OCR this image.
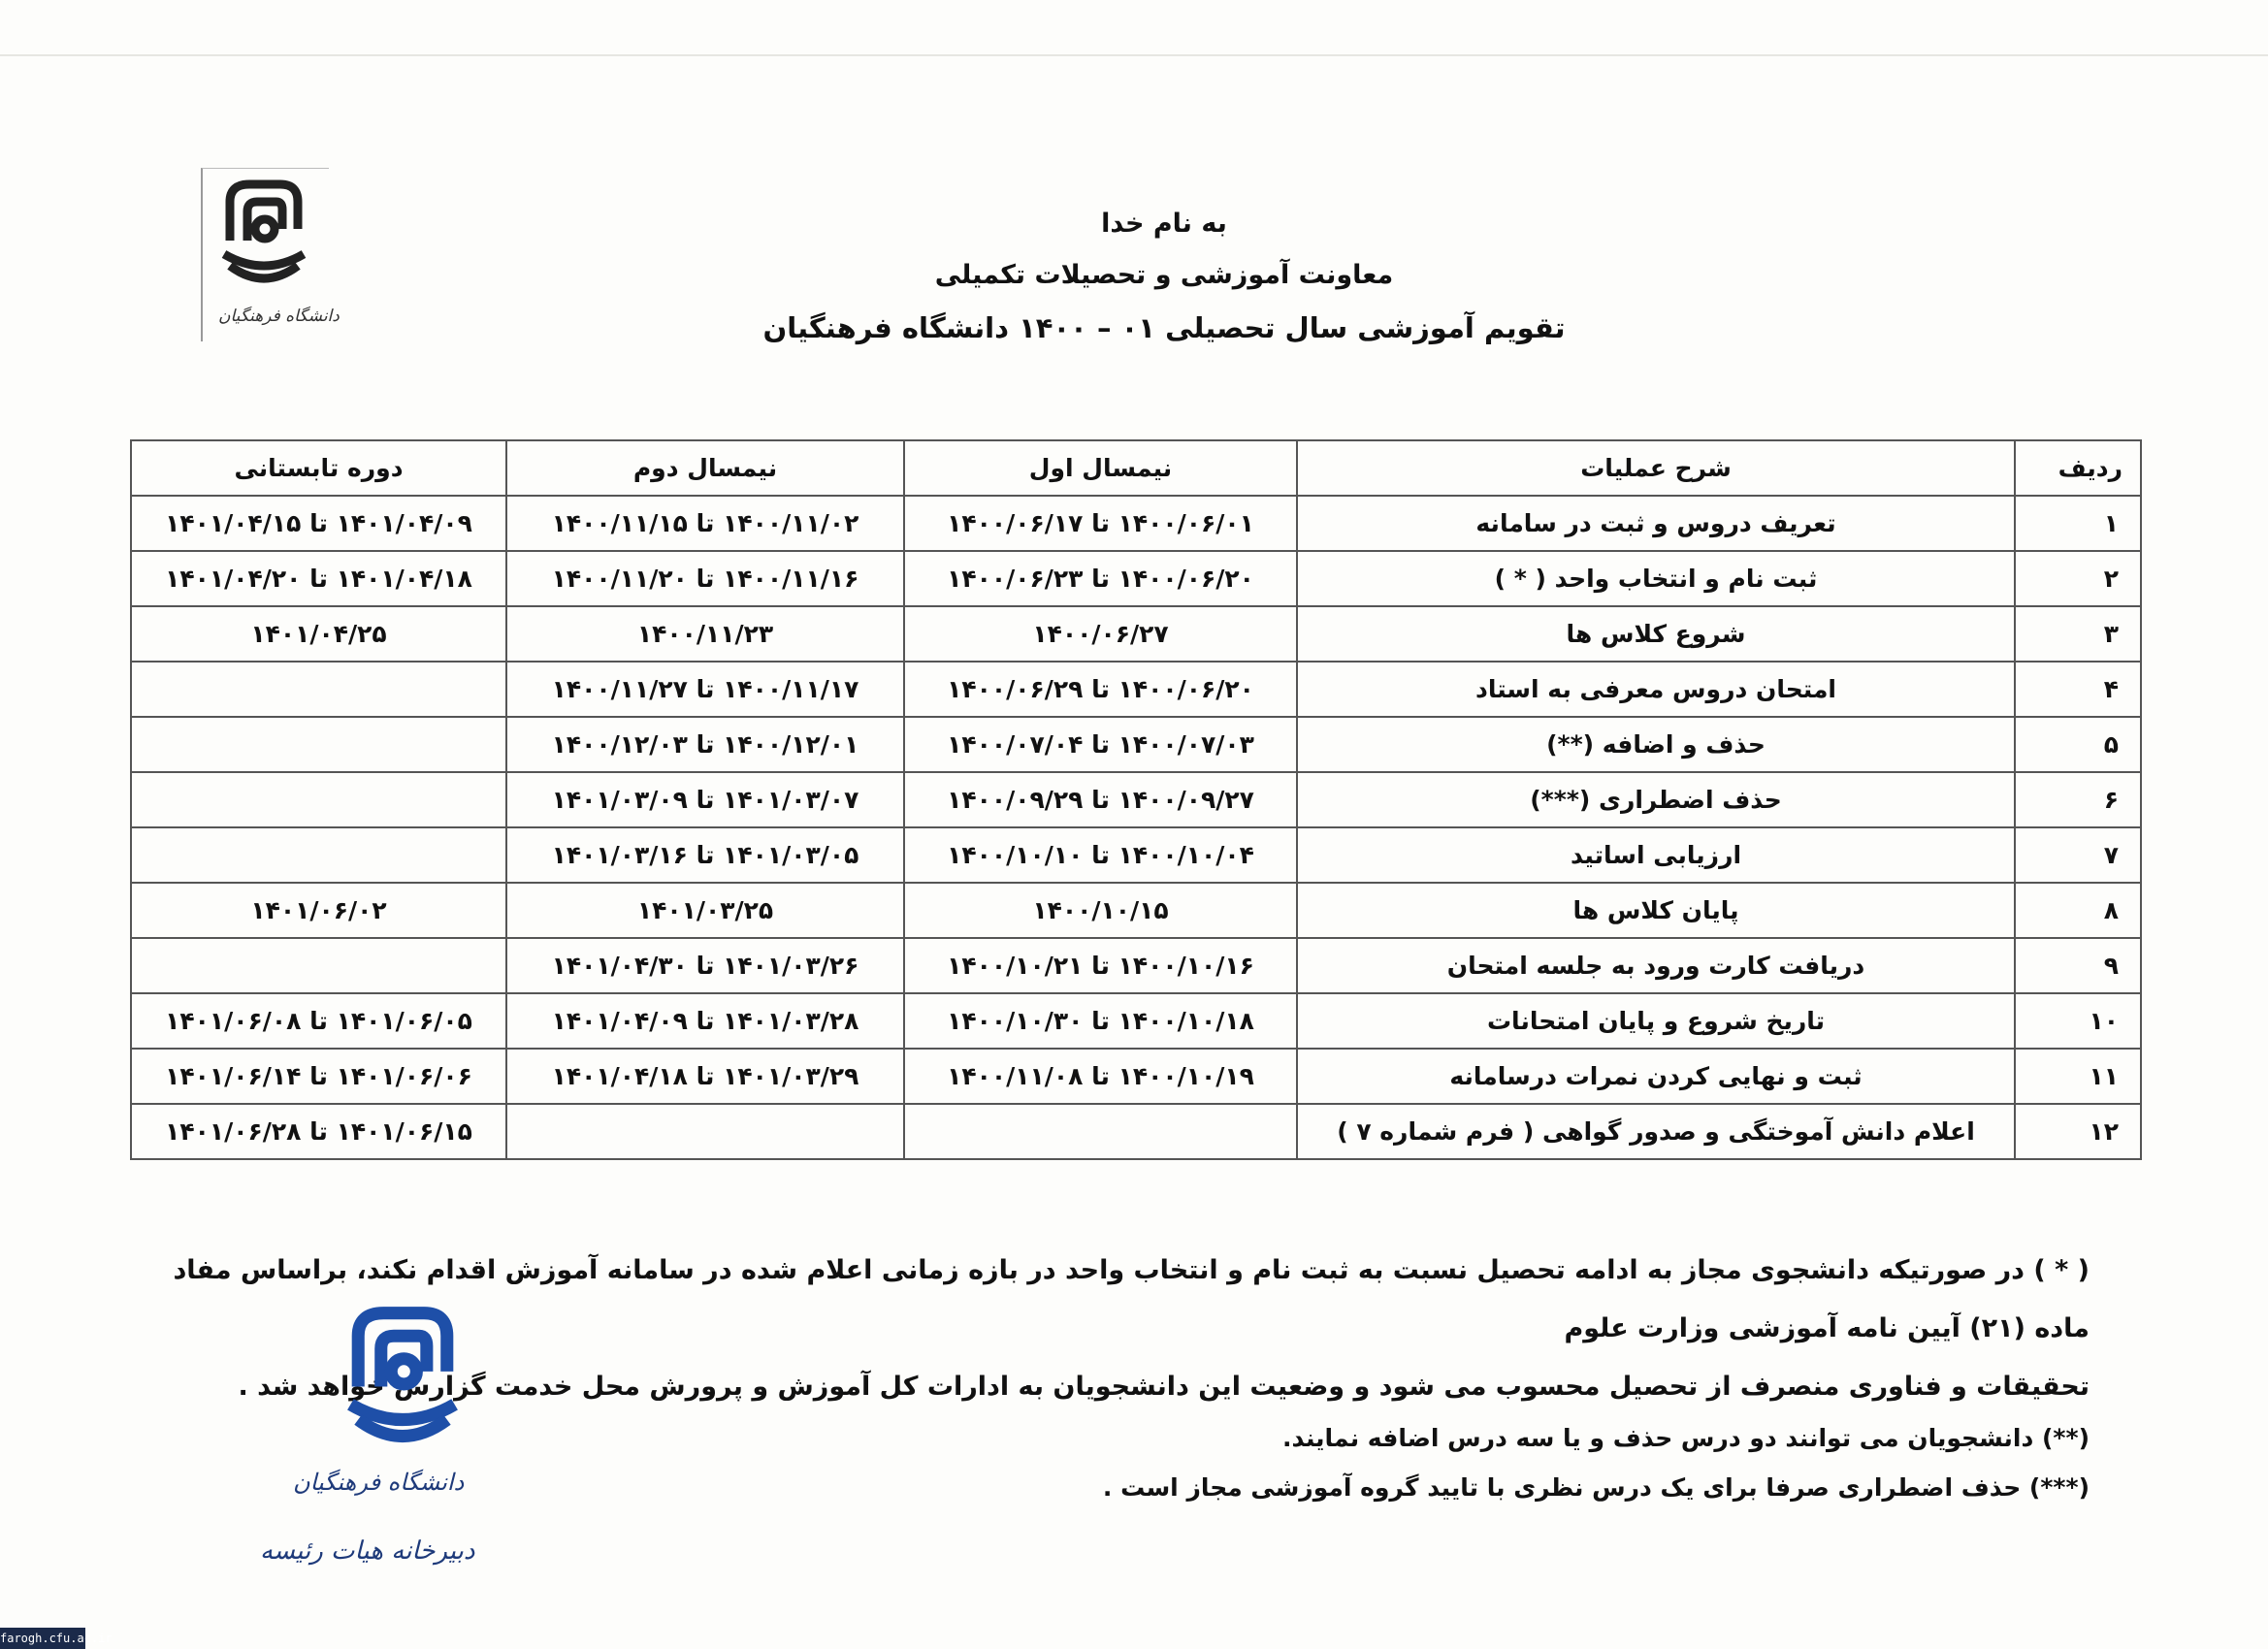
دانشگاه فرهنگیان
به نام خدا
معاونت آموزشی و تحصیلات تکمیلی
تقویم آموزشی سال تحصیلی ۰۱ – ۱۴۰۰ دانشگاه فرهنگیان
ردیف	شرح عملیات	نیمسال اول	نیمسال دوم	دوره تابستانی
۱	تعریف دروس و ثبت در سامانه	۱۴۰۰/۰۶/۰۱ تا ۱۴۰۰/۰۶/۱۷	۱۴۰۰/۱۱/۰۲ تا ۱۴۰۰/۱۱/۱۵	۱۴۰۱/۰۴/۰۹ تا ۱۴۰۱/۰۴/۱۵
۲	ثبت نام و انتخاب واحد ( * )	۱۴۰۰/۰۶/۲۰ تا ۱۴۰۰/۰۶/۲۳	۱۴۰۰/۱۱/۱۶ تا ۱۴۰۰/۱۱/۲۰	۱۴۰۱/۰۴/۱۸ تا ۱۴۰۱/۰۴/۲۰
۳	شروع کلاس ها	۱۴۰۰/۰۶/۲۷	۱۴۰۰/۱۱/۲۳	۱۴۰۱/۰۴/۲۵
۴	امتحان دروس معرفی به استاد	۱۴۰۰/۰۶/۲۰ تا ۱۴۰۰/۰۶/۲۹	۱۴۰۰/۱۱/۱۷ تا ۱۴۰۰/۱۱/۲۷	
۵	حذف و اضافه (**)	۱۴۰۰/۰۷/۰۳ تا ۱۴۰۰/۰۷/۰۴	۱۴۰۰/۱۲/۰۱ تا ۱۴۰۰/۱۲/۰۳	
۶	حذف اضطراری (***)	۱۴۰۰/۰۹/۲۷ تا ۱۴۰۰/۰۹/۲۹	۱۴۰۱/۰۳/۰۷ تا ۱۴۰۱/۰۳/۰۹	
۷	ارزیابی اساتید	۱۴۰۰/۱۰/۰۴ تا ۱۴۰۰/۱۰/۱۰	۱۴۰۱/۰۳/۰۵ تا ۱۴۰۱/۰۳/۱۶	
۸	پایان کلاس ها	۱۴۰۰/۱۰/۱۵	۱۴۰۱/۰۳/۲۵	۱۴۰۱/۰۶/۰۲
۹	دریافت کارت ورود به جلسه امتحان	۱۴۰۰/۱۰/۱۶ تا ۱۴۰۰/۱۰/۲۱	۱۴۰۱/۰۳/۲۶ تا ۱۴۰۱/۰۴/۳۰	
۱۰	تاریخ شروع و پایان امتحانات	۱۴۰۰/۱۰/۱۸ تا ۱۴۰۰/۱۰/۳۰	۱۴۰۱/۰۳/۲۸ تا ۱۴۰۱/۰۴/۰۹	۱۴۰۱/۰۶/۰۵ تا ۱۴۰۱/۰۶/۰۸
۱۱	ثبت و نهایی کردن نمرات درسامانه	۱۴۰۰/۱۰/۱۹ تا ۱۴۰۰/۱۱/۰۸	۱۴۰۱/۰۳/۲۹ تا ۱۴۰۱/۰۴/۱۸	۱۴۰۱/۰۶/۰۶ تا ۱۴۰۱/۰۶/۱۴
۱۲	اعلام دانش آموختگی و صدور گواهی ( فرم شماره ۷ )			۱۴۰۱/۰۶/۱۵ تا ۱۴۰۱/۰۶/۲۸

( * ) در صورتیکه دانشجوی مجاز به ادامه تحصیل نسبت به ثبت نام و انتخاب واحد در بازه زمانی اعلام شده در سامانه آموزش اقدام نکند، براساس مفاد ماده (۲۱) آیین نامه آموزشی وزارت علوم

تحقیقات و فناوری منصرف از تحصیل محسوب می شود و وضعیت این دانشجویان به ادارات کل آموزش و پرورش محل خدمت گزارش خواهد شد .

(**) دانشجویان می توانند دو درس حذف و یا سه درس اضافه نمایند.

(***) حذف اضطراری صرفا برای یک درس نظری با تایید گروه آموزشی مجاز است .

دانشگاه فرهنگیان
دبیرخانه هیات رئیسه
farogh.cfu.ac.ir
